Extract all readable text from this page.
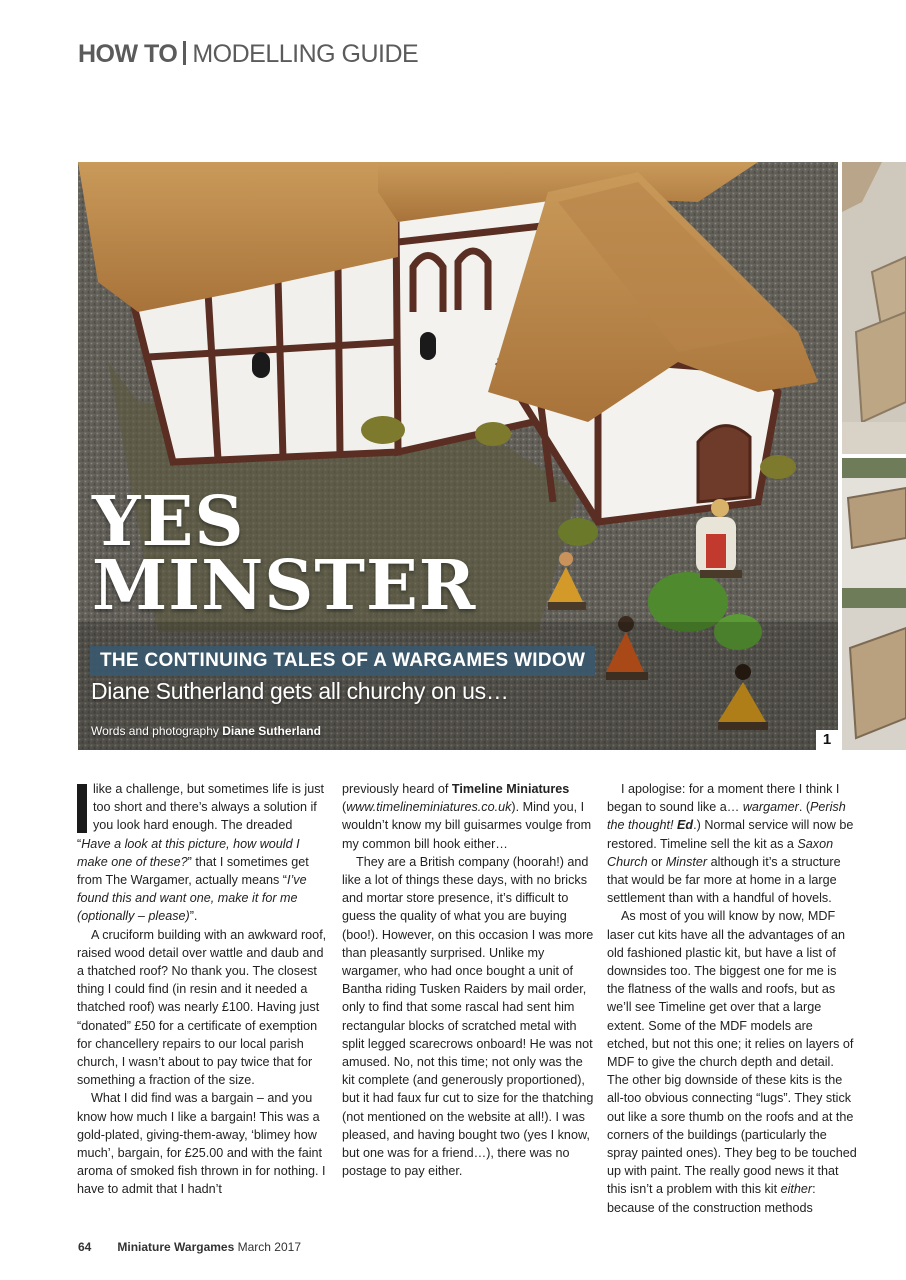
HOW TO MODELLING GUIDE
YES
MINSTER
THE CONTINUING TALES OF A WARGAMES WIDOW
Diane Sutherland gets all churchy on us…
Words and photography Diane Sutherland	1

like a challenge, but sometimes life is just too short and there’s always a solution if you look hard enough. The dreaded “Have a look at this picture, how would I make one of these?” that I sometimes get from The Wargamer, actually means “I’ve found this and want one, make it for me (optionally – please)”.

A cruciform building with an awkward roof, raised wood detail over wattle and daub and a thatched roof? No thank you. The closest thing I could find (in resin and it needed a thatched roof) was nearly £100. Having just “donated” £50 for a certificate of exemption for chancellery repairs to our local parish church, I wasn’t about to pay twice that for something a fraction of the size.

What I did find was a bargain – and you know how much I like a bargain! This was a gold-plated, giving-them-away, ‘blimey how much’, bargain, for £25.00 and with the faint aroma of smoked fish thrown in for nothing. I have to admit that I hadn’t

previously heard of Timeline Miniatures (www.timelineminiatures.co.uk). Mind you, I wouldn’t know my bill guisarmes voulge from my common bill hook either…

They are a British company (hoorah!) and like a lot of things these days, with no bricks and mortar store presence, it’s difficult to guess the quality of what you are buying (boo!). However, on this occasion I was more than pleasantly surprised. Unlike my wargamer, who had once bought a unit of Bantha riding Tusken Raiders by mail order, only to find that some rascal had sent him rectangular blocks of scratched metal with split legged scarecrows onboard! He was not amused. No, not this time; not only was the kit complete (and generously proportioned), but it had faux fur cut to size for the thatching (not mentioned on the website at all!). I was pleased, and having bought two (yes I know, but one was for a friend…), there was no postage to pay either.

I apologise: for a moment there I think I began to sound like a… wargamer. (Perish the thought! Ed.) Normal service will now be restored. Timeline sell the kit as a Saxon Church or Minster although it’s a structure that would be far more at home in a large settlement than with a handful of hovels.

As most of you will know by now, MDF laser cut kits have all the advantages of an old fashioned plastic kit, but have a list of downsides too. The biggest one for me is the flatness of the walls and roofs, but as we’ll see Timeline get over that a large extent. Some of the MDF models are etched, but not this one; it relies on layers of MDF to give the church depth and detail. The other big downside of these kits is the all-too obvious connecting “lugs”. They stick out like a sore thumb on the roofs and at the corners of the buildings (particularly the spray painted ones). They beg to be touched up with paint. The really good news it that this isn’t a problem with this kit either: because of the construction methods

64 Miniature Wargames March 2017
